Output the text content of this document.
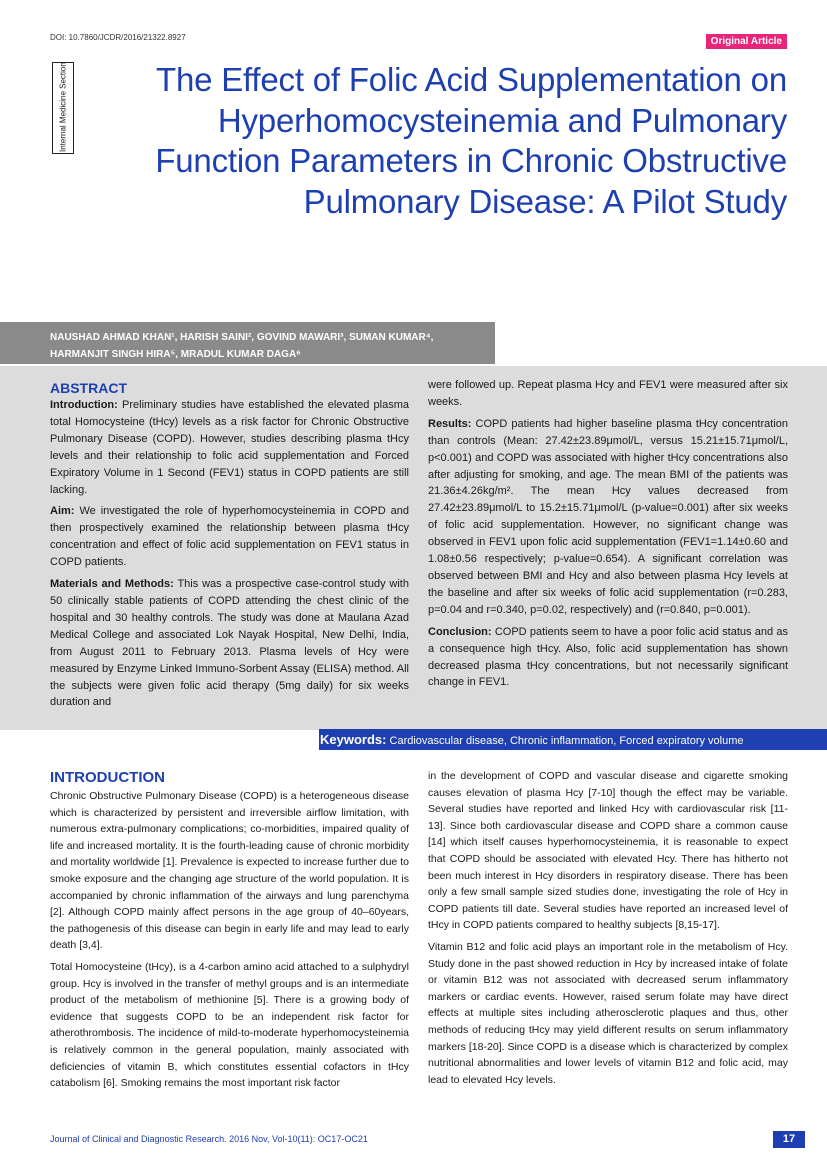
DOI: 10.7860/JCDR/2016/21322.8927	Original Article
Internal Medicine Section	The Effect of Folic Acid Supplementation on Hyperhomocysteinemia and Pulmonary Function Parameters in Chronic Obstructive Pulmonary Disease: A Pilot Study
NAUSHAD AHMAD KHAN¹, HARISH SAINI², GOVIND MAWARI³, SUMAN KUMAR⁴,
HARMANJIT SINGH HIRA⁵, MRADUL KUMAR DAGA⁶
ABSTRACT

Introduction: Preliminary studies have established the elevated plasma total Homocysteine (tHcy) levels as a risk factor for Chronic Obstructive Pulmonary Disease (COPD). However, studies describing plasma tHcy levels and their relationship to folic acid supplementation and Forced Expiratory Volume in 1 Second (FEV1) status in COPD patients are still lacking.

Aim: We investigated the role of hyperhomocysteinemia in COPD and then prospectively examined the relationship between plasma tHcy concentration and effect of folic acid supplementation on FEV1 status in COPD patients.

Materials and Methods: This was a prospective case-control study with 50 clinically stable patients of COPD attending the chest clinic of the hospital and 30 healthy controls. The study was done at Maulana Azad Medical College and associated Lok Nayak Hospital, New Delhi, India, from August 2011 to February 2013. Plasma levels of Hcy were measured by Enzyme Linked Immuno-Sorbent Assay (ELISA) method. All the subjects were given folic acid therapy (5mg daily) for six weeks duration and

were followed up. Repeat plasma Hcy and FEV1 were measured after six weeks.

Results: COPD patients had higher baseline plasma tHcy concentration than controls (Mean: 27.42±23.89μmol/L, versus 15.21±15.71μmol/L, p<0.001) and COPD was associated with higher tHcy concentrations also after adjusting for smoking, and age. The mean BMI of the patients was 21.36±4.26kg/m². The mean Hcy values decreased from 27.42±23.89μmol/L to 15.2±15.71μmol/L (p-value=0.001) after six weeks of folic acid supplementation. However, no significant change was observed in FEV1 upon folic acid supplementation (FEV1=1.14±0.60 and 1.08±0.56 respectively; p-value=0.654). A significant correlation was observed between BMI and Hcy and also between plasma Hcy levels at the baseline and after six weeks of folic acid supplementation (r=0.283, p=0.04 and r=0.340, p=0.02, respectively) and (r=0.840, p=0.001).

Conclusion: COPD patients seem to have a poor folic acid status and as a consequence high tHcy. Also, folic acid supplementation has shown decreased plasma tHcy concentrations, but not necessarily significant change in FEV1.

Keywords: Cardiovascular disease, Chronic inflammation, Forced expiratory volume
INTRODUCTION

Chronic Obstructive Pulmonary Disease (COPD) is a heterogeneous disease which is characterized by persistent and irreversible airflow limitation, with numerous extra-pulmonary complications; co-morbidities, impaired quality of life and increased mortality. It is the fourth-leading cause of chronic morbidity and mortality worldwide [1]. Prevalence is expected to increase further due to smoke exposure and the changing age structure of the world population. It is accompanied by chronic inflammation of the airways and lung parenchyma [2]. Although COPD mainly affect persons in the age group of 40–60years, the pathogenesis of this disease can begin in early life and may lead to early death [3,4].

Total Homocysteine (tHcy), is a 4-carbon amino acid attached to a sulphydryl group. Hcy is involved in the transfer of methyl groups and is an intermediate product of the metabolism of methionine [5]. There is a growing body of evidence that suggests COPD to be an independent risk factor for atherothrombosis. The incidence of mild-to-moderate hyperhomocysteinemia is relatively common in the general population, mainly associated with deficiencies of vitamin B, which constitutes essential cofactors in tHcy catabolism [6]. Smoking remains the most important risk factor

in the development of COPD and vascular disease and cigarette smoking causes elevation of plasma Hcy [7-10] though the effect may be variable. Several studies have reported and linked Hcy with cardiovascular risk [11-13]. Since both cardiovascular disease and COPD share a common cause [14] which itself causes hyperhomocysteinemia, it is reasonable to expect that COPD should be associated with elevated Hcy. There has hitherto not been much interest in Hcy disorders in respiratory disease. There has been only a few small sample sized studies done, investigating the role of Hcy in COPD patients till date. Several studies have reported an increased level of tHcy in COPD patients compared to healthy subjects [8,15-17].

Vitamin B12 and folic acid plays an important role in the metabolism of Hcy. Study done in the past showed reduction in Hcy by increased intake of folate or vitamin B12 was not associated with decreased serum inflammatory markers or cardiac events. However, raised serum folate may have direct effects at multiple sites including atherosclerotic plaques and thus, other methods of reducing tHcy may yield different results on serum inflammatory markers [18-20]. Since COPD is a disease which is characterized by complex nutritional abnormalities and lower levels of vitamin B12 and folic acid, may lead to elevated Hcy levels.

Journal of Clinical and Diagnostic Research. 2016 Nov, Vol-10(11): OC17-OC21	17
